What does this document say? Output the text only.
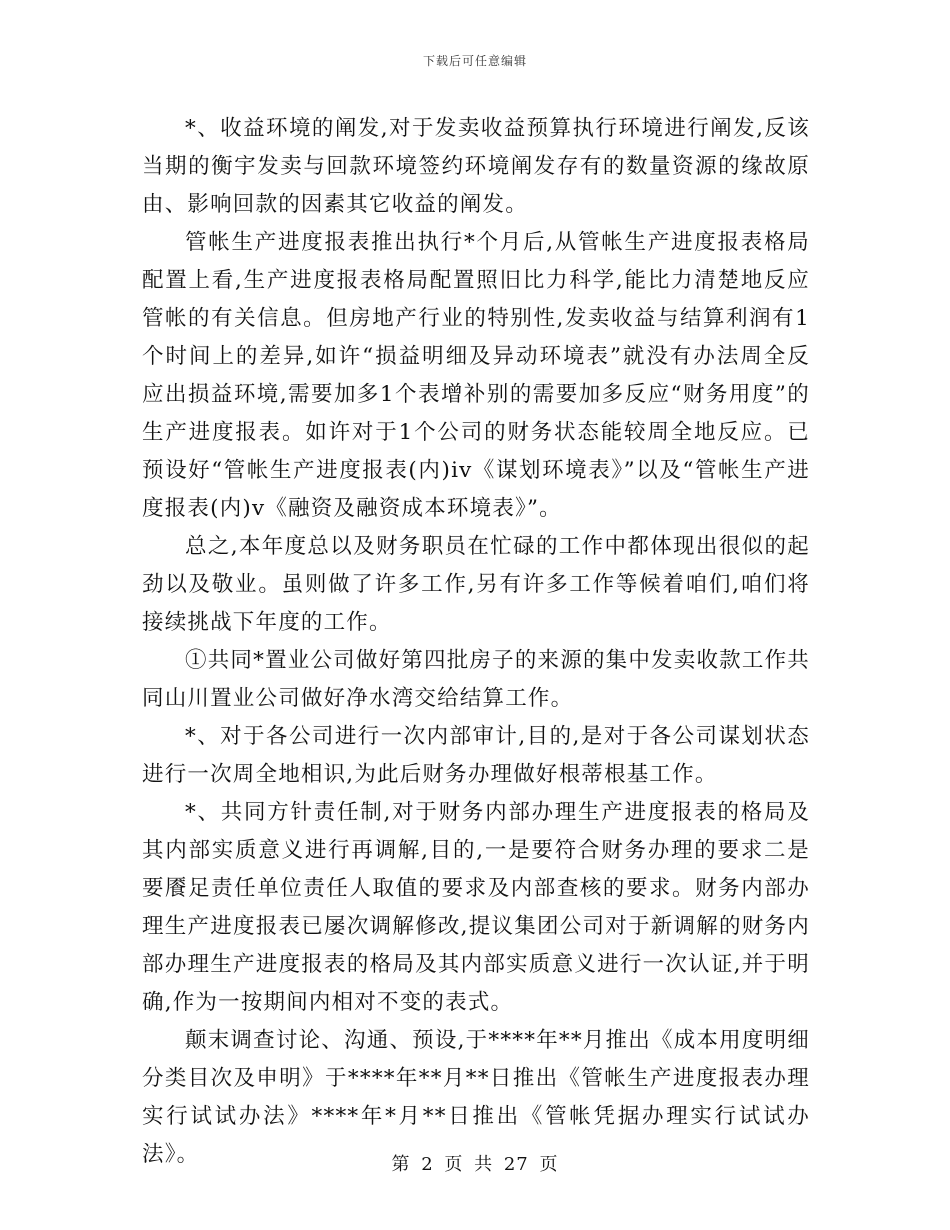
下载后可任意编辑

*、收益环境的阐发,对于发卖收益预算执行环境进行阐发,反该当期的衡宇发卖与回款环境签约环境阐发存有的数量资源的缘故原由、影响回款的因素其它收益的阐发。

管帐生产进度报表推出执行*个月后,从管帐生产进度报表格局配置上看,生产进度报表格局配置照旧比力科学,能比力清楚地反应管帐的有关信息。但房地产行业的特别性,发卖收益与结算利润有1个时间上的差异,如许“损益明细及异动环境表”就没有办法周全反应出损益环境,需要加多1个表增补别的需要加多反应“财务用度”的生产进度报表。如许对于1个公司的财务状态能较周全地反应。已预设好“管帐生产进度报表(内)iv《谋划环境表》”以及“管帐生产进度报表(内)v《融资及融资成本环境表》”。

总之,本年度总以及财务职员在忙碌的工作中都体现出很似的起劲以及敬业。虽则做了许多工作,另有许多工作等候着咱们,咱们将接续挑战下年度的工作。

①共同*置业公司做好第四批房子的来源的集中发卖收款工作共同山川置业公司做好净水湾交给结算工作。

*、对于各公司进行一次内部审计,目的,是对于各公司谋划状态进行一次周全地相识,为此后财务办理做好根蒂根基工作。

*、共同方针责任制,对于财务内部办理生产进度报表的格局及其内部实质意义进行再调解,目的,一是要符合财务办理的要求二是要餍足责任单位责任人取值的要求及内部查核的要求。财务内部办理生产进度报表已屡次调解修改,提议集团公司对于新调解的财务内部办理生产进度报表的格局及其内部实质意义进行一次认证,并于明确,作为一按期间内相对不变的表式。

颠末调查讨论、沟通、预设,于****年**月推出《成本用度明细分类目次及申明》于****年**月**日推出《管帐生产进度报表办理实行试试办法》****年*月**日推出《管帐凭据办理实行试试办法》。	第 2 页 共 27 页
